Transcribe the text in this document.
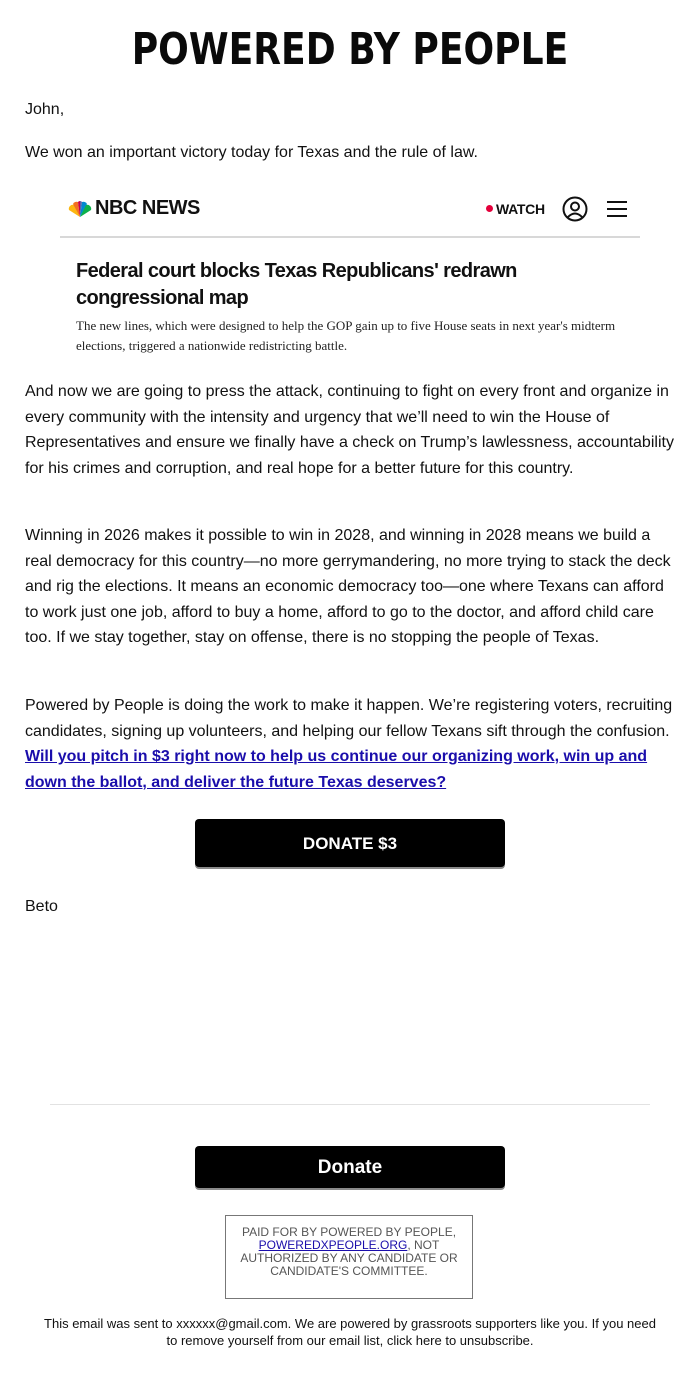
POWERED BY PEOPLE
John,
We won an important victory today for Texas and the rule of law.
NBC NEWS	WATCH
Federal court blocks Texas Republicans' redrawn congressional map
The new lines, which were designed to help the GOP gain up to five House seats in next year's midterm elections, triggered a nationwide redistricting battle.
And now we are going to press the attack, continuing to fight on every front and organize in every community with the intensity and urgency that we’ll need to win the House of Representatives and ensure we finally have a check on Trump’s lawlessness, accountability for his crimes and corruption, and real hope for a better future for this country.
Winning in 2026 makes it possible to win in 2028, and winning in 2028 means we build a real democracy for this country—no more gerrymandering, no more trying to stack the deck and rig the elections. It means an economic democracy too—one where Texans can afford to work just one job, afford to buy a home, afford to go to the doctor, and afford child care too. If we stay together, stay on offense, there is no stopping the people of Texas.
Powered by People is doing the work to make it happen. We’re registering voters, recruiting candidates, signing up volunteers, and helping our fellow Texans sift through the confusion. Will you pitch in $3 right now to help us continue our organizing work, win up and down the ballot, and deliver the future Texas deserves?
DONATE $3
Beto
Donate
PAID FOR BY POWERED BY PEOPLE, POWEREDXPEOPLE.ORG, NOT AUTHORIZED BY ANY CANDIDATE OR CANDIDATE'S COMMITTEE.
This email was sent to xxxxxx@gmail.com. We are powered by grassroots supporters like you. If you need to remove yourself from our email list, click here to unsubscribe.
